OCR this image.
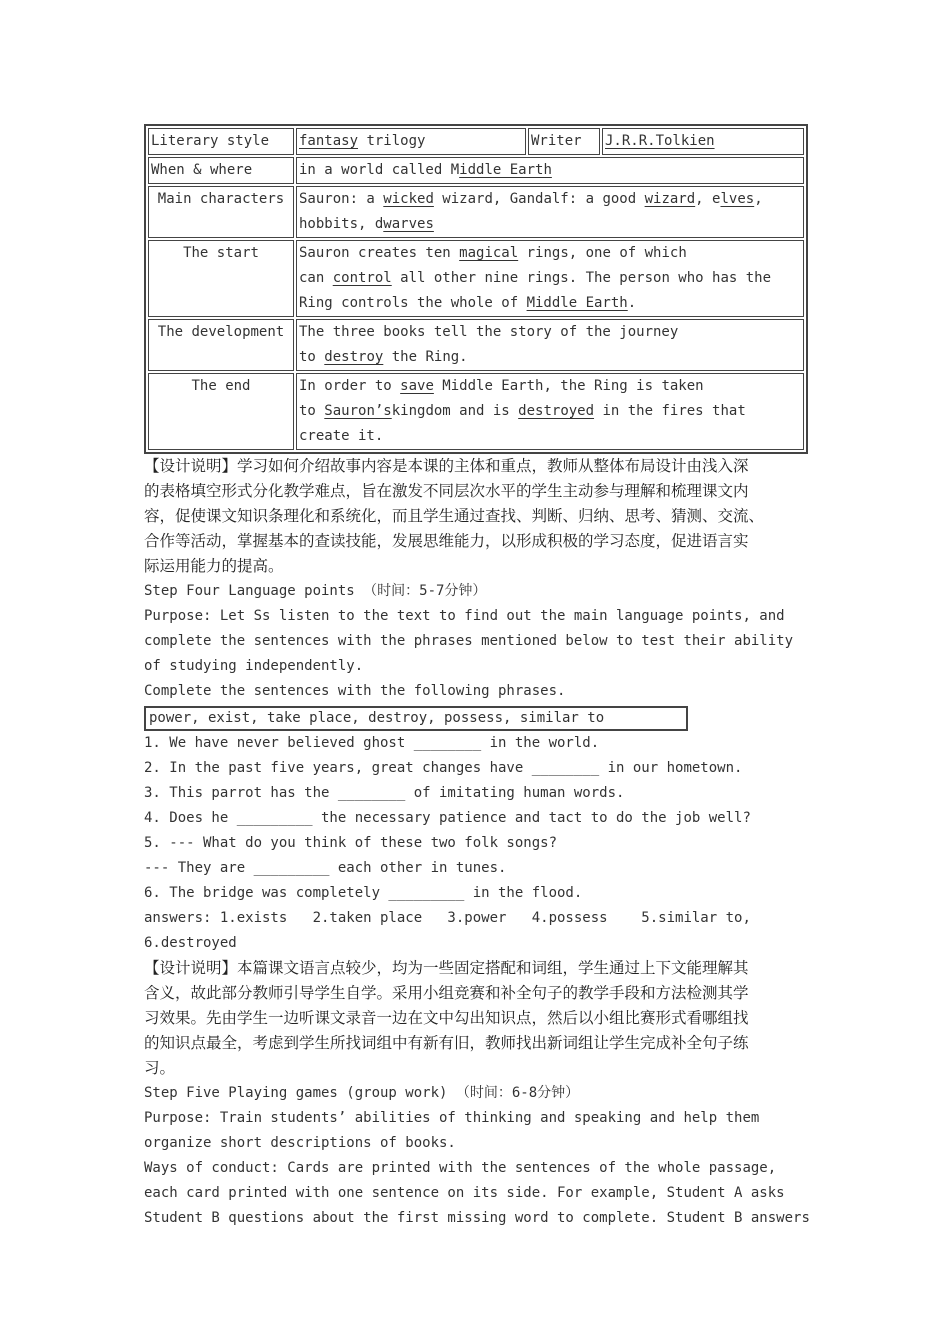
Literary style	fantasy trilogy	Writer	J.R.R.Tolkien
When & where	in a world called Middle Earth		
Main characters	Sauron: a wicked wizard, Gandalf: a good wizard, elves,
hobbits, dwarves		
The start	Sauron creates ten magical rings, one of which
can control all other nine rings. The person who has the
Ring controls the whole of Middle Earth.		
The development	The three books tell the story of the journey
to destroy the Ring.		
The end	In order to save Middle Earth, the Ring is taken
to Sauron’skingdom and is destroyed in the fires that
create it.		

【设计说明】学习如何介绍故事内容是本课的主体和重点，教师从整体布局设计由浅入深

的表格填空形式分化教学难点，旨在激发不同层次水平的学生主动参与理解和梳理课文内

容，促使课文知识条理化和系统化，而且学生通过查找、判断、归纳、思考、猜测、交流、

合作等活动，掌握基本的查读技能，发展思维能力，以形成积极的学习态度，促进语言实

际运用能力的提高。

Step Four Language points （时间：5-7分钟）

Purpose: Let Ss listen to the text to find out the main language points, and

complete the sentences with the phrases mentioned below to test their ability

of studying independently.

Complete the sentences with the following phrases.

power, exist, take place, destroy, possess, similar to

1. We have never believed ghost ________ in the world.

2. In the past five years, great changes have ________ in our hometown.

3. This parrot has the ________ of imitating human words.

4. Does he _________ the necessary patience and tact to do the job well?

5. --- What do you think of these two folk songs?

--- They are _________ each other in tunes.

6. The bridge was completely _________ in the flood.

answers: 1.exists   2.taken place   3.power   4.possess    5.similar to,

6.destroyed

【设计说明】本篇课文语言点较少，均为一些固定搭配和词组，学生通过上下文能理解其

含义，故此部分教师引导学生自学。采用小组竞赛和补全句子的教学手段和方法检测其学

习效果。先由学生一边听课文录音一边在文中勾出知识点，然后以小组比赛形式看哪组找

的知识点最全，考虑到学生所找词组中有新有旧，教师找出新词组让学生完成补全句子练

习。

Step Five Playing games (group work) （时间：6-8分钟）

Purpose: Train students’ abilities of thinking and speaking and help them

organize short descriptions of books.

Ways of conduct: Cards are printed with the sentences of the whole passage,

each card printed with one sentence on its side. For example, Student A asks

Student B questions about the first missing word to complete. Student B answers
